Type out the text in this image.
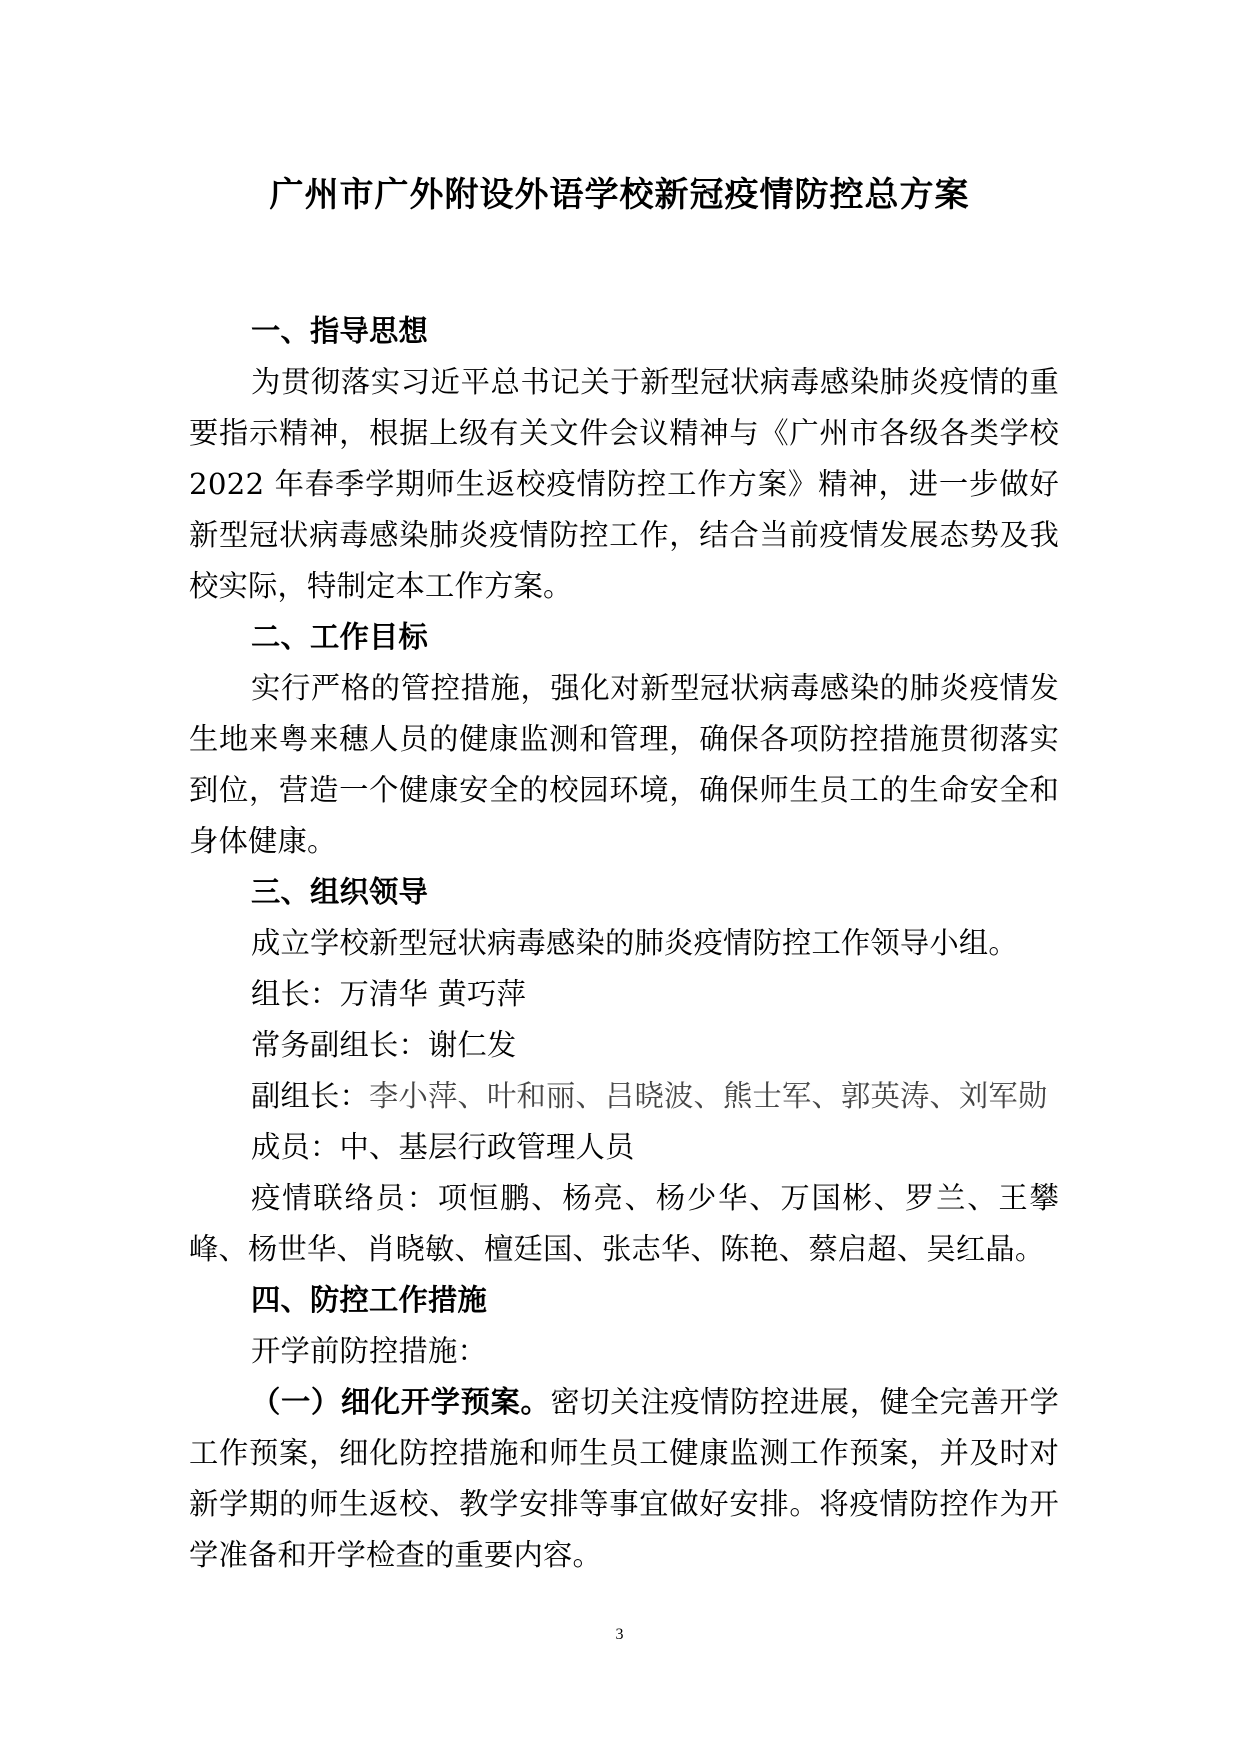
广州市广外附设外语学校新冠疫情防控总方案

一、指导思想

为贯彻落实习近平总书记关于新型冠状病毒感染肺炎疫情的重要指示精神，根据上级有关文件会议精神与《广州市各级各类学校 2022 年春季学期师生返校疫情防控工作方案》精神，进一步做好新型冠状病毒感染肺炎疫情防控工作，结合当前疫情发展态势及我校实际，特制定本工作方案。

二、工作目标

实行严格的管控措施，强化对新型冠状病毒感染的肺炎疫情发生地来粤来穗人员的健康监测和管理，确保各项防控措施贯彻落实到位，营造一个健康安全的校园环境，确保师生员工的生命安全和身体健康。

三、组织领导

成立学校新型冠状病毒感染的肺炎疫情防控工作领导小组。

组长：万清华 黄巧萍

常务副组长：谢仁发

副组长：李小萍、叶和丽、吕晓波、熊士军、郭英涛、刘军勋

成员：中、基层行政管理人员

疫情联络员：项恒鹏、杨亮、杨少华、万国彬、罗兰、王攀峰、杨世华、肖晓敏、檀廷国、张志华、陈艳、蔡启超、吴红晶。

四、防控工作措施

开学前防控措施：

（一）细化开学预案。密切关注疫情防控进展，健全完善开学工作预案，细化防控措施和师生员工健康监测工作预案，并及时对新学期的师生返校、教学安排等事宜做好安排。将疫情防控作为开学准备和开学检查的重要内容。

3
